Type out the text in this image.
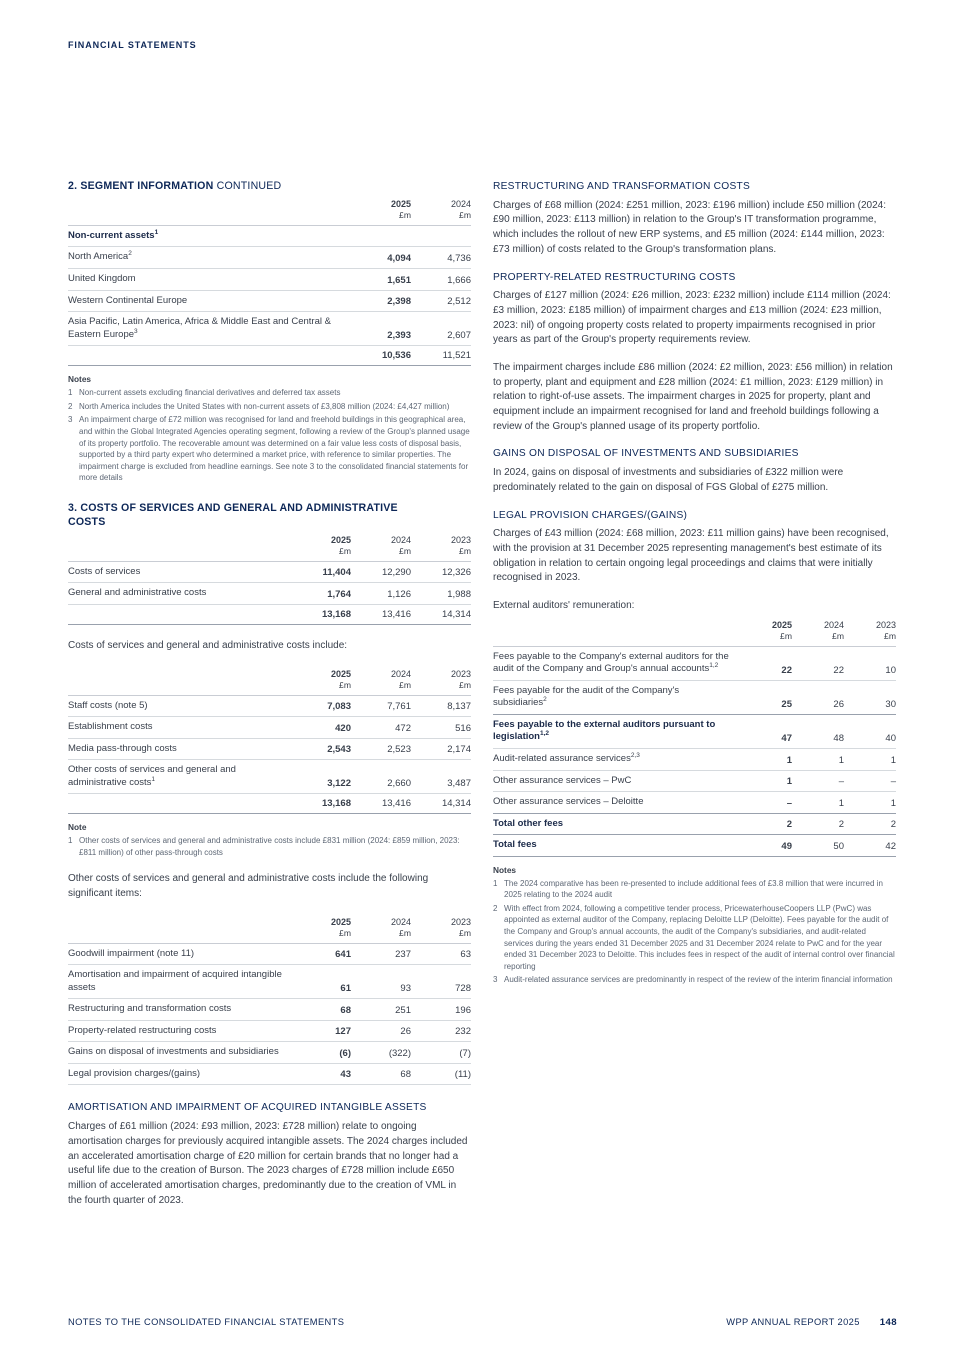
FINANCIAL STATEMENTS
2. SEGMENT INFORMATION CONTINUED
2025
£m
2024
£m
Non-current assets$^1$
North America$^2$	4,094	4,736
United Kingdom	1,651	1,666
Western Continental Europe	2,398	2,512
Asia Pacific, Latin America, Africa & Middle East and Central & Eastern Europe$^3$	2,393	2,607
10,536	11,521
Notes
1 Non-current assets excluding financial derivatives and deferred tax assets
2 North America includes the United States with non-current assets of £3,808 million (2024: £4,427 million)
3 An impairment charge of £72 million was recognised for land and freehold buildings in this geographical area, and within the Global Integrated Agencies operating segment, following a review of the Group's planned usage of its property portfolio. The recoverable amount was determined on a fair value less costs of disposal basis, supported by a third party expert who determined a market price, with reference to similar properties. The impairment charge is excluded from headline earnings. See note 3 to the consolidated financial statements for more details
3. COSTS OF SERVICES AND GENERAL AND ADMINISTRATIVE COSTS
2025
£m
2024
£m
2023
£m
Costs of services	11,404	12,290	12,326
General and administrative costs	1,764	1,126	1,988
13,168	13,416	14,314
Costs of services and general and administrative costs include:
2025
£m
2024
£m
2023
£m
Staff costs (note 5)	7,083	7,761	8,137
Establishment costs	420	472	516
Media pass-through costs	2,543	2,523	2,174
Other costs of services and general and administrative costs$^1$	3,122	2,660	3,487
13,168	13,416	14,314
Note
1 Other costs of services and general and administrative costs include £831 million (2024: £859 million, 2023: £811 million) of other pass-through costs
Other costs of services and general and administrative costs include the following significant items:
2025
£m
2024
£m
2023
£m
Goodwill impairment (note 11)	641	237	63
Amortisation and impairment of acquired intangible assets	61	93	728
Restructuring and transformation costs	68	251	196
Property-related restructuring costs	127	26	232
Gains on disposal of investments and subsidiaries	(6)	(322)	(7)
Legal provision charges/(gains)	43	68	(11)
AMORTISATION AND IMPAIRMENT OF ACQUIRED INTANGIBLE ASSETS
Charges of £61 million (2024: £93 million, 2023: £728 million) relate to ongoing amortisation charges for previously acquired intangible assets. The 2024 charges included an accelerated amortisation charge of £20 million for certain brands that no longer had a useful life due to the creation of Burson. The 2023 charges of £728 million include £650 million of accelerated amortisation charges, predominantly due to the creation of VML in the fourth quarter of 2023.
RESTRUCTURING AND TRANSFORMATION COSTS
Charges of £68 million (2024: £251 million, 2023: £196 million) include £50 million (2024: £90 million, 2023: £113 million) in relation to the Group's IT transformation programme, which includes the rollout of new ERP systems, and £5 million (2024: £144 million, 2023: £73 million) of costs related to the Group's transformation plans.
PROPERTY-RELATED RESTRUCTURING COSTS
Charges of £127 million (2024: £26 million, 2023: £232 million) include £114 million (2024: £3 million, 2023: £185 million) of impairment charges and £13 million (2024: £23 million, 2023: nil) of ongoing property costs related to property impairments recognised in prior years as part of the Group's property requirements review.
The impairment charges include £86 million (2024: £2 million, 2023: £56 million) in relation to property, plant and equipment and £28 million (2024: £1 million, 2023: £129 million) in relation to right-of-use assets. The impairment charges in 2025 for property, plant and equipment include an impairment recognised for land and freehold buildings following a review of the Group's planned usage of its property portfolio.
GAINS ON DISPOSAL OF INVESTMENTS AND SUBSIDIARIES
In 2024, gains on disposal of investments and subsidiaries of £322 million were predominately related to the gain on disposal of FGS Global of £275 million.
LEGAL PROVISION CHARGES/(GAINS)
Charges of £43 million (2024: £68 million, 2023: £11 million gains) have been recognised, with the provision at 31 December 2025 representing management's best estimate of its obligation in relation to certain ongoing legal proceedings and claims that were initially recognised in 2023.
External auditors' remuneration:
2025
£m
2024
£m
2023
£m
Fees payable to the Company's external auditors for the audit of the Company and Group's annual accounts$^{1,2}$	22	22	10
Fees payable for the audit of the Company's subsidiaries$^2$	25	26	30
Fees payable to the external auditors pursuant to legislation$^{1,2}$	47	48	40
Audit-related assurance services$^{2,3}$	1	1	1
Other assurance services – PwC	1	–	–
Other assurance services – Deloitte	–	1	1
Total other fees	2	2	2
Total fees	49	50	42
Notes
1 The 2024 comparative has been re-presented to include additional fees of £3.8 million that were incurred in 2025 relating to the 2024 audit
2 With effect from 2024, following a competitive tender process, PricewaterhouseCoopers LLP (PwC) was appointed as external auditor of the Company, replacing Deloitte LLP (Deloitte). Fees payable for the audit of the Company and Group's annual accounts, the audit of the Company's subsidiaries, and audit-related services during the years ended 31 December 2025 and 31 December 2024 relate to PwC and for the year ended 31 December 2023 to Deloitte. This includes fees in respect of the audit of internal control over financial reporting
3 Audit-related assurance services are predominantly in respect of the review of the interim financial information
NOTES TO THE CONSOLIDATED FINANCIAL STATEMENTS	WPP ANNUAL REPORT 2025 148
